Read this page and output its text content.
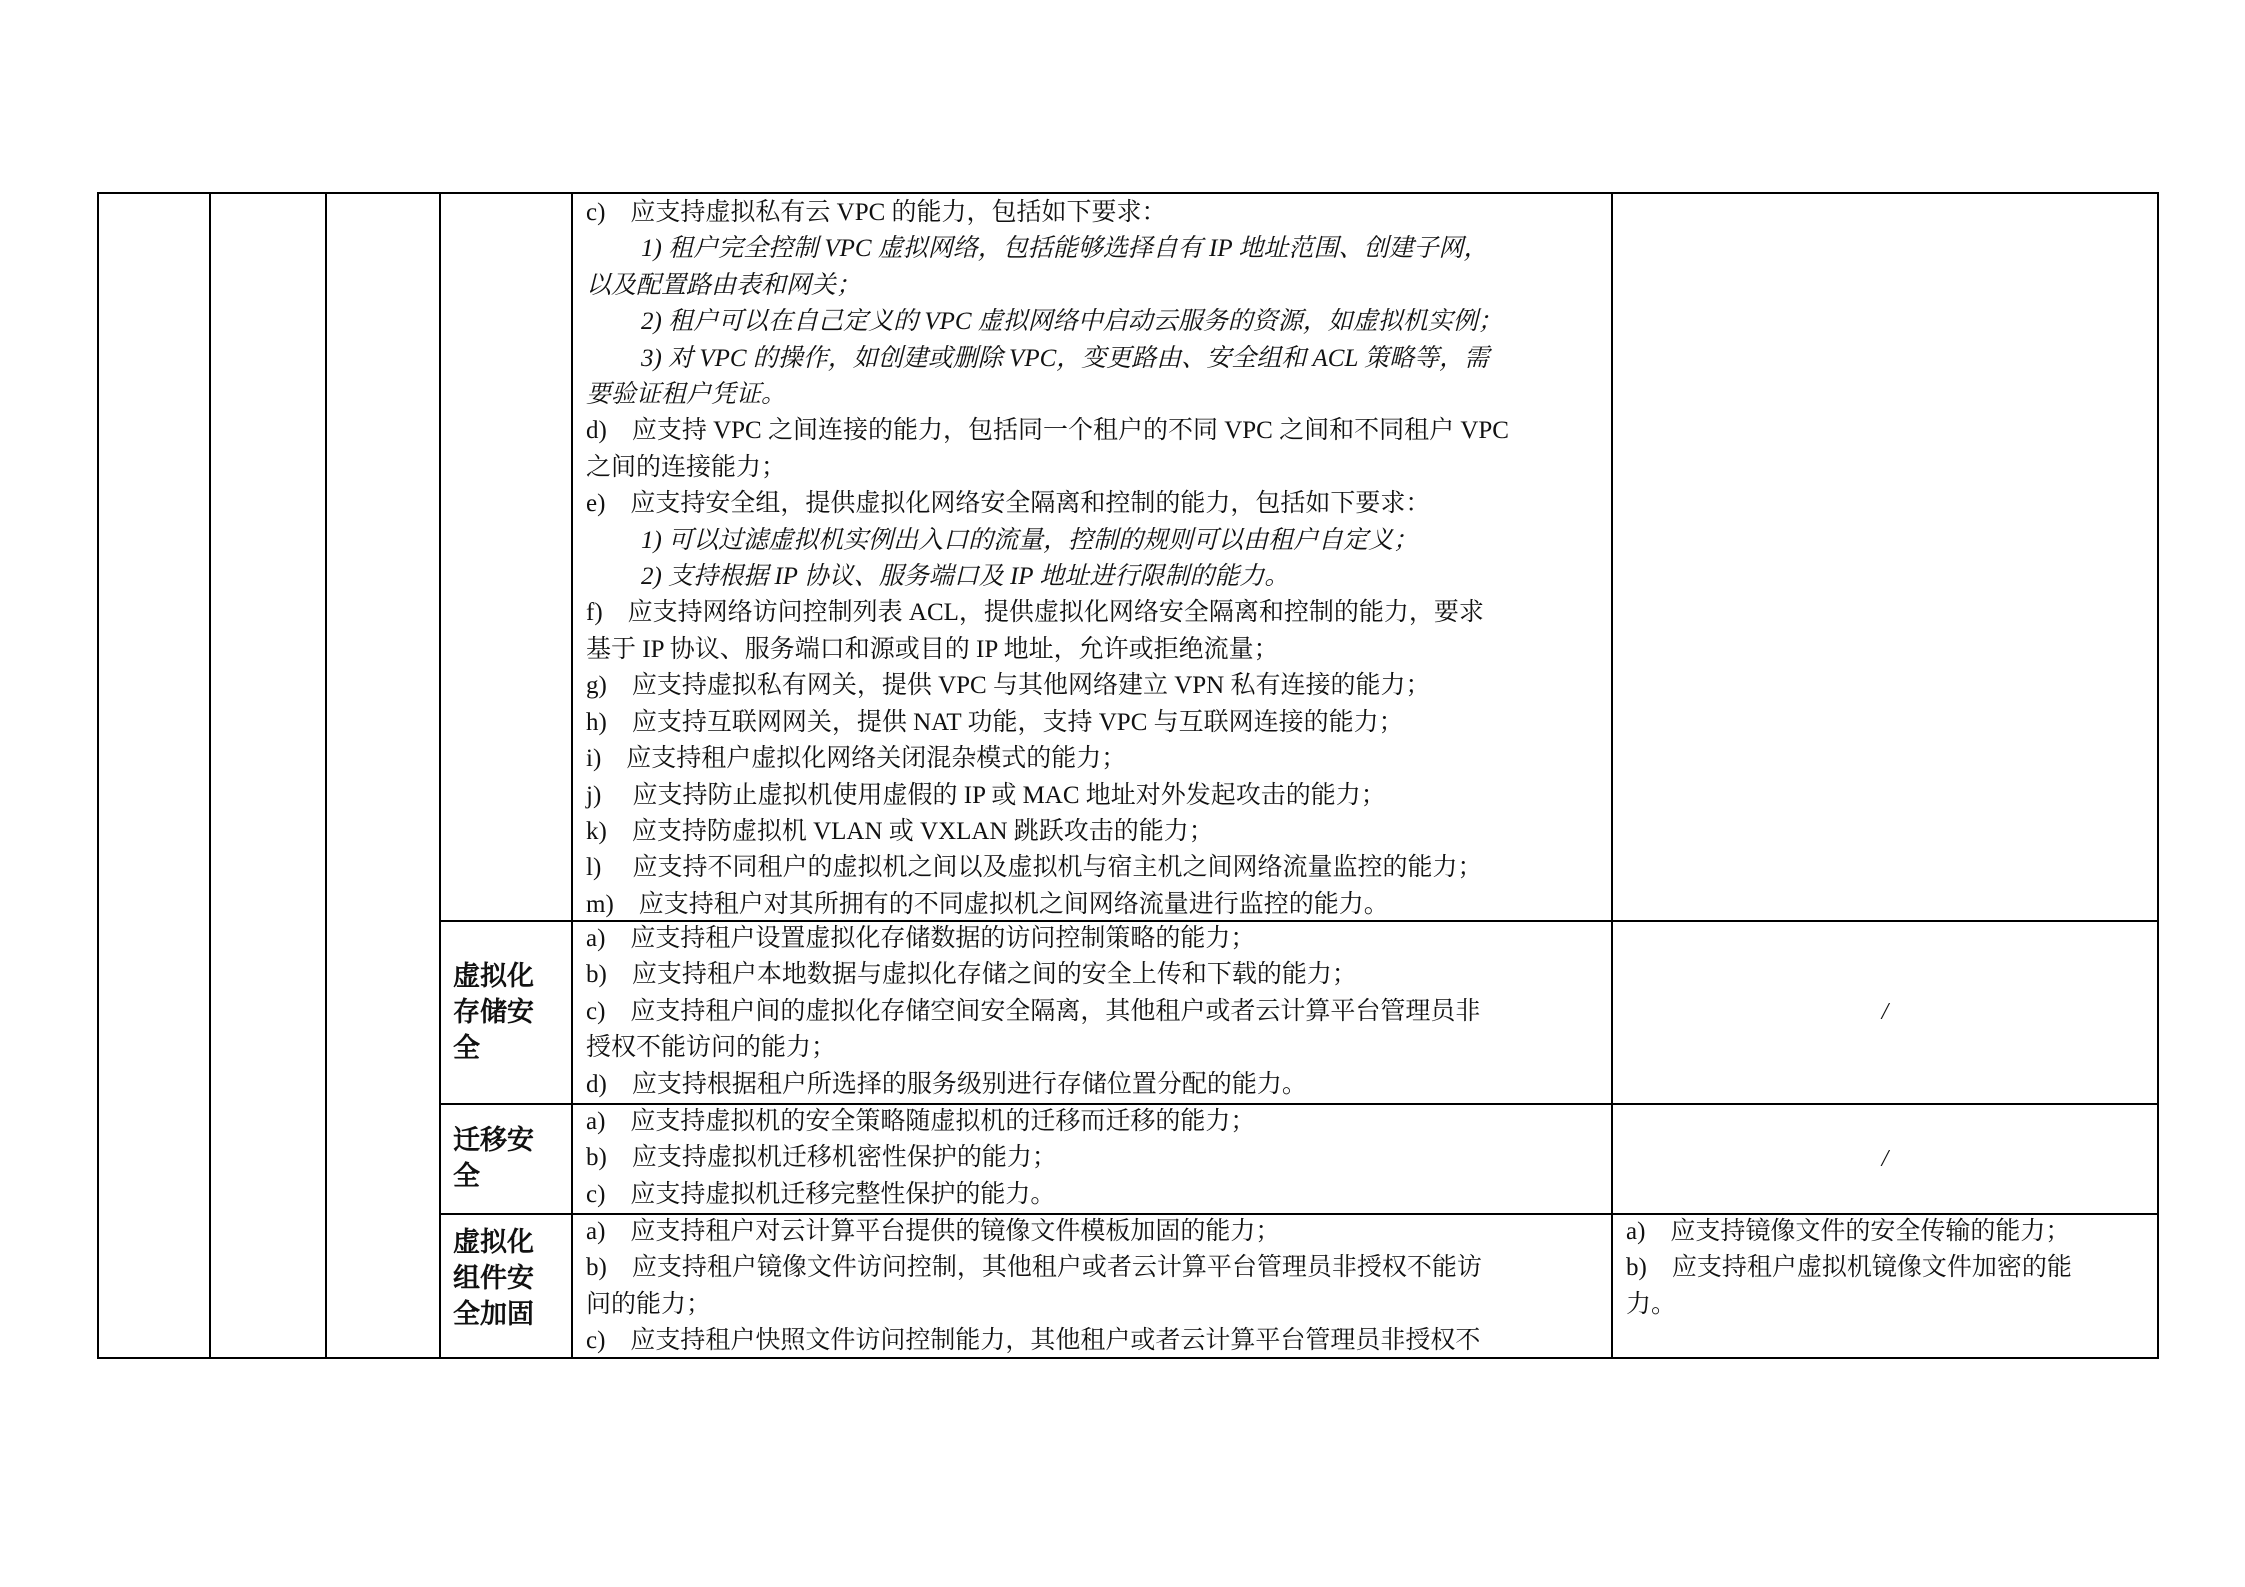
c)　应支持虚拟私有云 VPC 的能力，包括如下要求：

1) 租户完全控制 VPC 虚拟网络，包括能够选择自有 IP 地址范围、创建子网，

以及配置路由表和网关；

2) 租户可以在自己定义的 VPC 虚拟网络中启动云服务的资源，如虚拟机实例；

3) 对 VPC 的操作，如创建或删除 VPC，变更路由、安全组和 ACL 策略等，需

要验证租户凭证。

d)　应支持 VPC 之间连接的能力，包括同一个租户的不同 VPC 之间和不同租户 VPC

之间的连接能力；

e)　应支持安全组，提供虚拟化网络安全隔离和控制的能力，包括如下要求：

1) 可以过滤虚拟机实例出入口的流量，控制的规则可以由租户自定义；

2) 支持根据 IP 协议、服务端口及 IP 地址进行限制的能力。

f)　应支持网络访问控制列表 ACL，提供虚拟化网络安全隔离和控制的能力，要求

基于 IP 协议、服务端口和源或目的 IP 地址，允许或拒绝流量；

g)　应支持虚拟私有网关，提供 VPC 与其他网络建立 VPN 私有连接的能力；

h)　应支持互联网网关，提供 NAT 功能，支持 VPC 与互联网连接的能力；

i)　应支持租户虚拟化网络关闭混杂模式的能力；

j)　 应支持防止虚拟机使用虚假的 IP 或 MAC 地址对外发起攻击的能力；

k)　应支持防虚拟机 VLAN 或 VXLAN 跳跃攻击的能力；

l)　 应支持不同租户的虚拟机之间以及虚拟机与宿主机之间网络流量监控的能力；

m)　应支持租户对其所拥有的不同虚拟机之间网络流量进行监控的能力。

虚拟化
存储安
全

a)　应支持租户设置虚拟化存储数据的访问控制策略的能力；

b)　应支持租户本地数据与虚拟化存储之间的安全上传和下载的能力；

c)　应支持租户间的虚拟化存储空间安全隔离，其他租户或者云计算平台管理员非

授权不能访问的能力；

d)　应支持根据租户所选择的服务级别进行存储位置分配的能力。

/
迁移安
全

a)　应支持虚拟机的安全策略随虚拟机的迁移而迁移的能力；

b)　应支持虚拟机迁移机密性保护的能力；

c)　应支持虚拟机迁移完整性保护的能力。

/
虚拟化
组件安
全加固

a)　应支持租户对云计算平台提供的镜像文件模板加固的能力；

b)　应支持租户镜像文件访问控制，其他租户或者云计算平台管理员非授权不能访

问的能力；

c)　应支持租户快照文件访问控制能力，其他租户或者云计算平台管理员非授权不

a)　应支持镜像文件的安全传输的能力；

b)　应支持租户虚拟机镜像文件加密的能

力。
